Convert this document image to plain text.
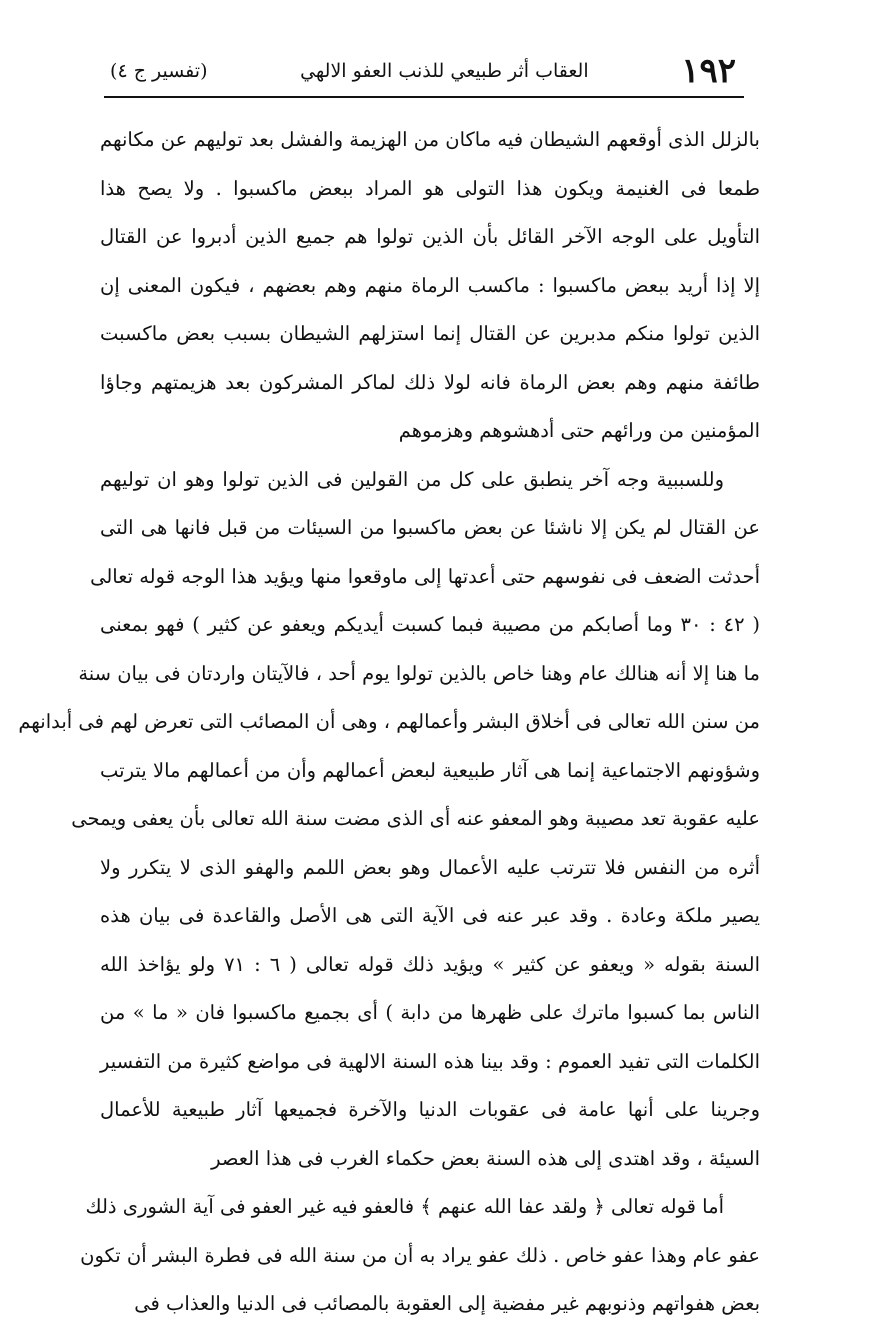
١٩٢
العقاب أثر طبيعي للذنب العفو الالهي
(تفسير ج ٤)
بالزلل الذى أوقعهم الشيطان فيه ماكان من الهزيمة والفشل بعد توليهم عن مكانهم
طمعا فى الغنيمة ويكون هذا التولى هو المراد ببعض ماكسبوا . ولا يصح هذا
التأويل على الوجه الآخر القائل بأن الذين تولوا هم جميع الذين أدبروا عن القتال
إلا إذا أريد ببعض ماكسبوا : ماكسب الرماة منهم وهم بعضهم ، فيكون المعنى إن
الذين تولوا منكم مدبرين عن القتال إنما استزلهم الشيطان بسبب بعض ماكسبت
طائفة منهم وهم بعض الرماة فانه لولا ذلك لماكر المشركون بعد هزيمتهم وجاؤا
المؤمنين من ورائهم حتى أدهشوهم وهزموهم
وللسببية وجه آخر ينطبق على كل من القولين فى الذين تولوا وهو ان توليهم
عن القتال لم يكن إلا ناشئا عن بعض ماكسبوا من السيئات من قبل فانها هى التى
أحدثت الضعف فى نفوسهم حتى أعدتها إلى ماوقعوا منها ويؤيد هذا الوجه قوله تعالى
( ٤٢ : ٣٠ وما أصابكم من مصيبة فبما كسبت أيديكم ويعفو عن كثير ) فهو بمعنى
ما هنا إلا أنه هنالك عام وهنا خاص بالذين تولوا يوم أحد ، فالآيتان واردتان فى بيان سنة
من سنن الله تعالى فى أخلاق البشر وأعمالهم ، وهى أن المصائب التى تعرض لهم فى أبدانهم
وشؤونهم الاجتماعية إنما هى آثار طبيعية لبعض أعمالهم وأن من أعمالهم مالا يترتب
عليه عقوبة تعد مصيبة وهو المعفو عنه أى الذى مضت سنة الله تعالى بأن يعفى ويمحى
أثره من النفس فلا تترتب عليه الأعمال وهو بعض اللمم والهفو الذى لا يتكرر ولا
يصير ملكة وعادة . وقد عبر عنه فى الآية التى هى الأصل والقاعدة فى بيان هذه
السنة بقوله « ويعفو عن كثير » ويؤيد ذلك قوله تعالى ( ٦ : ٧١ ولو يؤاخذ الله
الناس بما كسبوا ماترك على ظهرها من دابة ) أى بجميع ماكسبوا فان « ما » من
الكلمات التى تفيد العموم : وقد بينا هذه السنة الالهية فى مواضع كثيرة من التفسير
وجرينا على أنها عامة فى عقوبات الدنيا والآخرة فجميعها آثار طبيعية للأعمال
السيئة ، وقد اهتدى إلى هذه السنة بعض حكماء الغرب فى هذا العصر
أما قوله تعالى ﴿ ولقد عفا الله عنهم ﴾ فالعفو فيه غير العفو فى آية الشورى ذلك
عفو عام وهذا عفو خاص . ذلك عفو يراد به أن من سنة الله فى فطرة البشر أن تكون
بعض هفواتهم وذنوبهم غير مفضية إلى العقوبة بالمصائب فى الدنيا والعذاب فى
